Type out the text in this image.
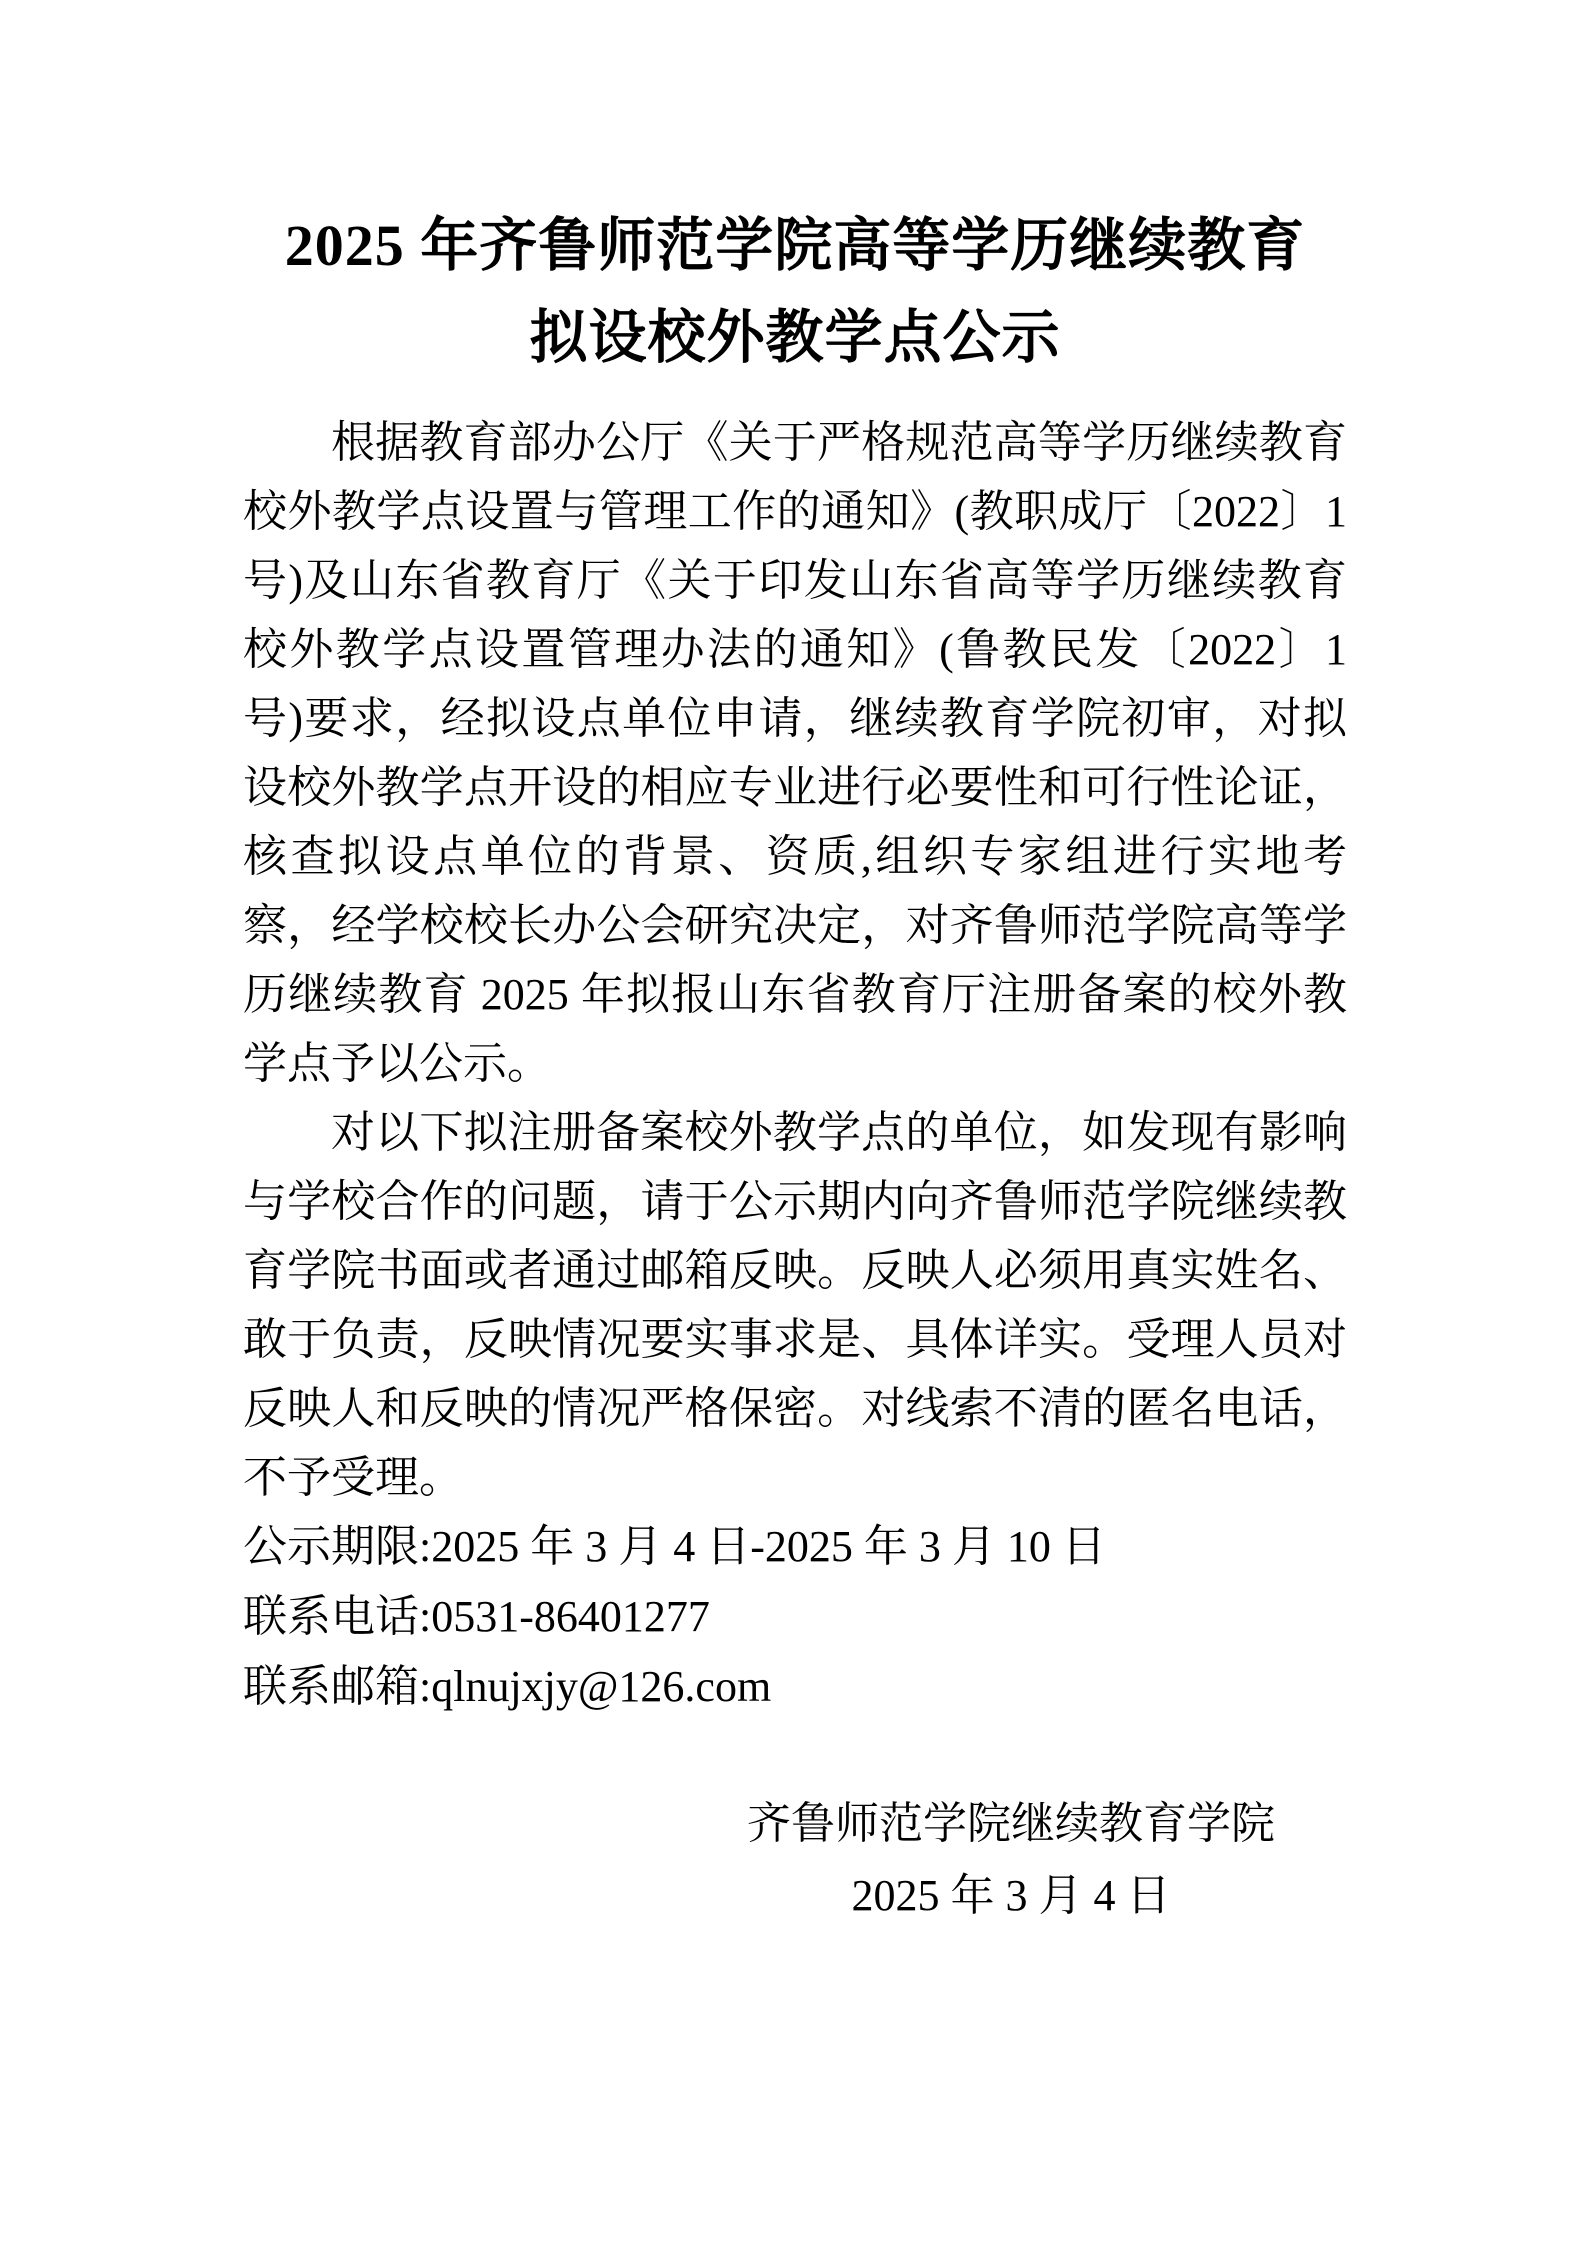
2025 年齐鲁师范学院高等学历继续教育
拟设校外教学点公示

根据教育部办公厅《关于严格规范高等学历继续教育校外教学点设置与管理工作的通知》(教职成厅〔2022〕1 号)及山东省教育厅《关于印发山东省高等学历继续教育校外教学点设置管理办法的通知》(鲁教民发〔2022〕1 号)要求，经拟设点单位申请，继续教育学院初审，对拟设校外教学点开设的相应专业进行必要性和可行性论证，核查拟设点单位的背景、资质,组织专家组进行实地考察，经学校校长办公会研究决定，对齐鲁师范学院高等学历继续教育 2025 年拟报山东省教育厅注册备案的校外教学点予以公示。

对以下拟注册备案校外教学点的单位，如发现有影响与学校合作的问题，请于公示期内向齐鲁师范学院继续教育学院书面或者通过邮箱反映。反映人必须用真实姓名、敢于负责，反映情况要实事求是、具体详实。受理人员对反映人和反映的情况严格保密。对线索不清的匿名电话，不予受理。

公示期限:2025 年 3 月 4 日-2025 年 3 月 10 日

联系电话:0531-86401277

联系邮箱:qlnujxjy@126.com

齐鲁师范学院继续教育学院
2025 年 3 月 4 日
